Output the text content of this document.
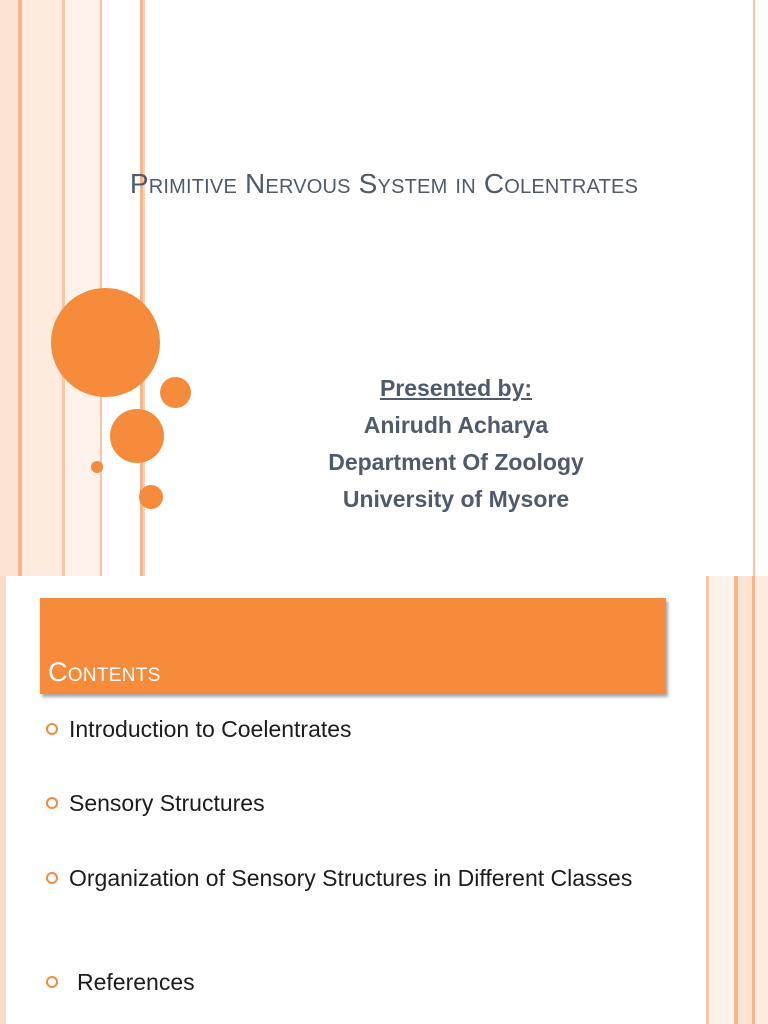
Primitive Nervous System in Colentrates
Presented by:
Anirudh Acharya
Department Of Zoology
University of Mysore
Contents
Introduction to Coelentrates
Sensory Structures
Organization of Sensory Structures in Different Classes
References
